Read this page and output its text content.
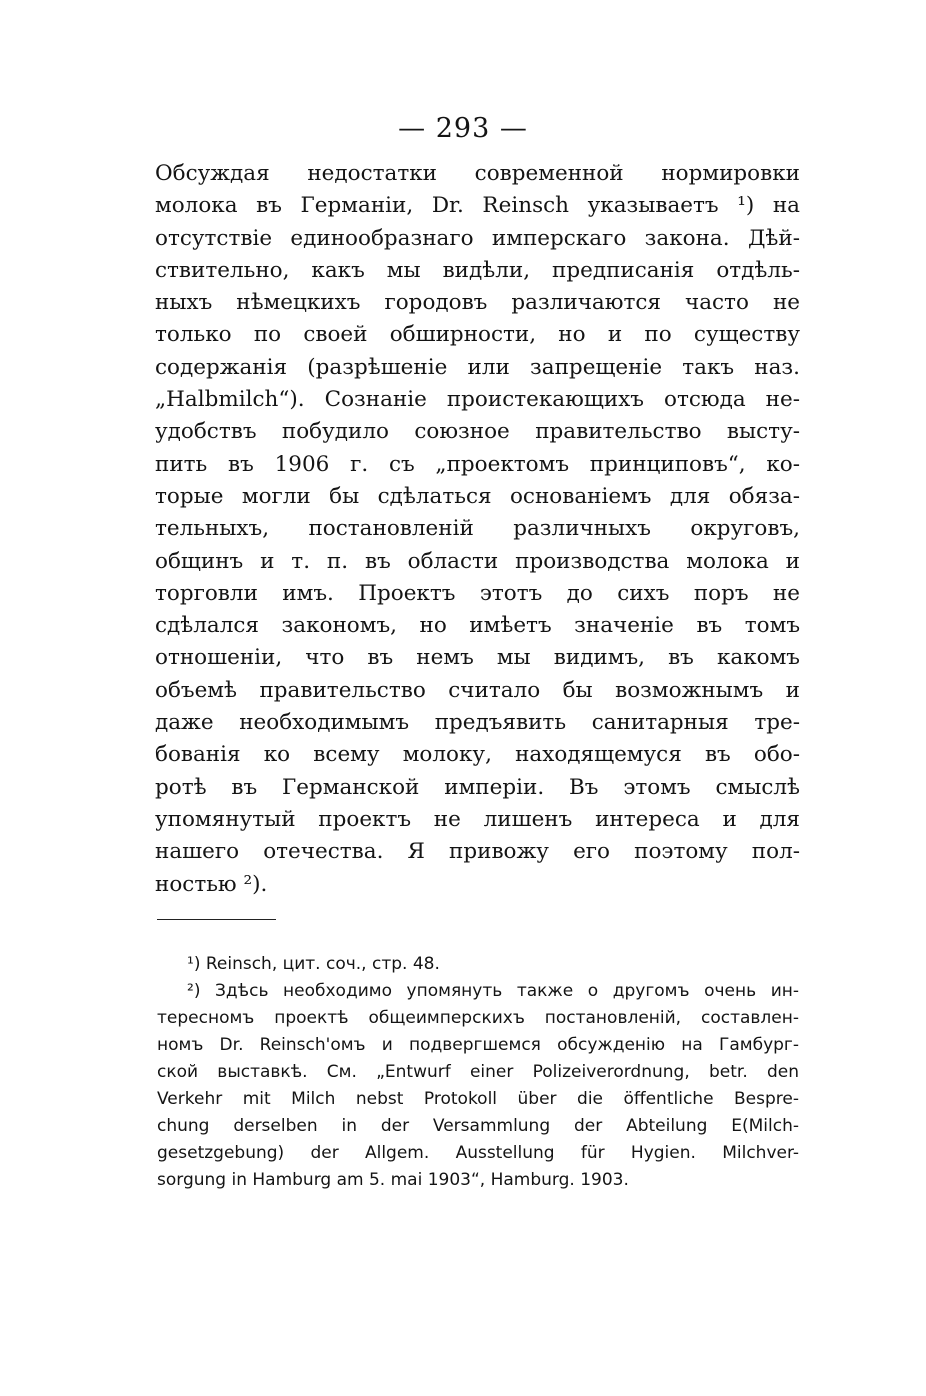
— 293 —
Обсуждая недостатки современной нормировки
молока въ Германіи, Dr. Reinsch указываетъ ¹) на
отсутствіе единообразнаго имперскаго закона. Дѣй-
ствительно, какъ мы видѣли, предписанія отдѣль-
ныхъ нѣмецкихъ городовъ различаются часто не
только по своей обширности, но и по существу
содержанія (разрѣшеніе или запрещеніе такъ наз.
„Halbmilch“). Сознаніе проистекающихъ отсюда не-
удобствъ побудило союзное правительство высту-
пить въ 1906 г. съ „проектомъ принциповъ“, ко-
торые могли бы сдѣлаться основаніемъ для обяза-
тельныхъ, постановленій различныхъ округовъ,
общинъ и т. п. въ области производства молока и
торговли имъ. Проектъ этотъ до сихъ поръ не
сдѣлался закономъ, но имѣетъ значеніе въ томъ
отношеніи, что въ немъ мы видимъ, въ какомъ
объемѣ правительство считало бы возможнымъ и
даже необходимымъ предъявить санитарныя тре-
бованія ко всему молоку, находящемуся въ обо-
ротѣ въ Германской имперіи. Въ этомъ смыслѣ
упомянутый проектъ не лишенъ интереса и для
нашего отечества. Я привожу его поэтому пол-
ностью ²).
¹) Reinsch, цит. соч., стр. 48.
²) Здѣсь необходимо упомянуть также о другомъ очень ин-
тересномъ проектѣ общеимперскихъ постановленій, составлен-
номъ Dr. Reinsch'омъ и подвергшемся обсужденію на Гамбург-
ской выставкѣ. См. „Entwurf einer Polizeiverordnung, betr. den
Verkehr mit Milch nebst Protokoll über die öffentliche Bespre-
chung derselben in der Versammlung der Abteilung E(Milch-
gesetzgebung) der Allgem. Ausstellung für Hygien. Milchver-
sorgung in Hamburg am 5. mai 1903“, Hamburg. 1903.
